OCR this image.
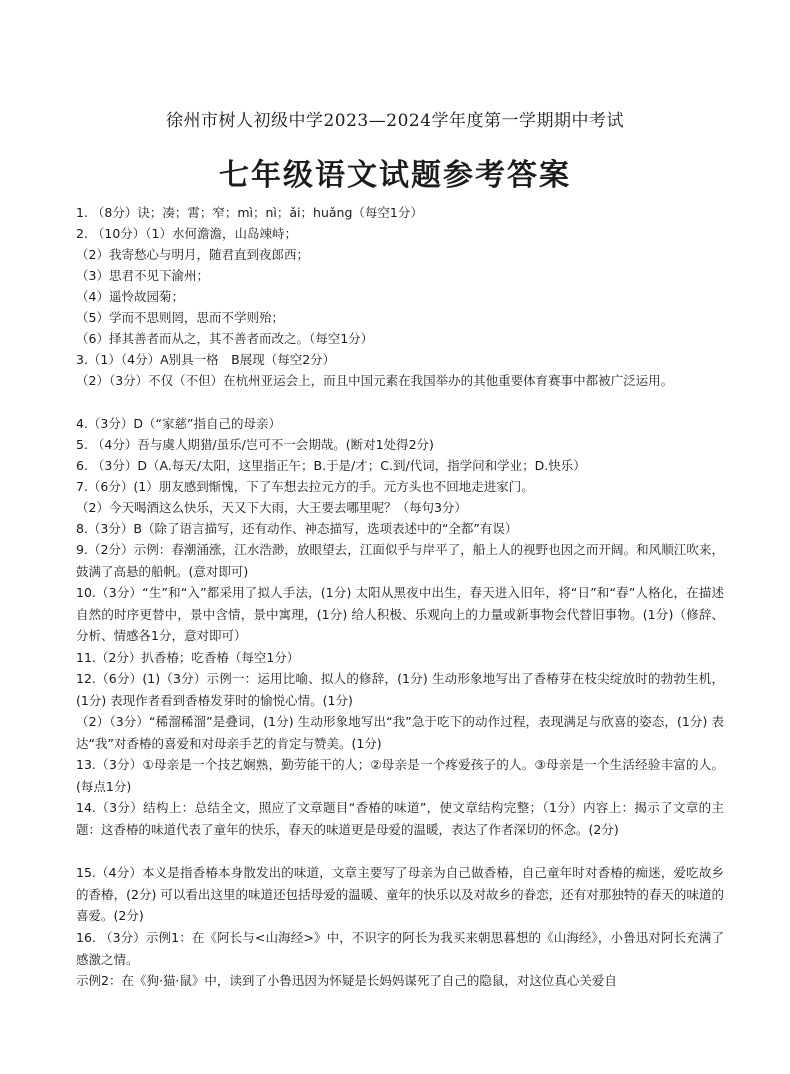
徐州市树人初级中学2023—2024学年度第一学期期中考试
七年级语文试题参考答案
1. （8分）诀；凑；霄；窄；mì；nì；ǎi；huǎng（每空1分）
2. （10分）（1）水何澹澹，山岛竦峙；
（2）我寄愁心与明月，随君直到夜郎西；
（3）思君不见下渝州；
（4）遥怜故园菊；
（5）学而不思则罔，思而不学则殆；
（6）择其善者而从之，其不善者而改之。（每空1分）
3.（1）（4分）A别具一格　B展现（每空2分）
（2）（3分）不仅（不但）在杭州亚运会上，而且中国元素在我国举办的其他重要体育赛事中都被广泛运用。
4.（3分）D（“家慈”指自己的母亲）
5. （4分）吾与虞人期猎/虽乐/岂可不一会期哉。(断对1处得2分)
6. （3分）D（A.每天/太阳，这里指正午；B.于是/才；C.到/代词，指学问和学业；D.快乐）
7.（6分）(1）朋友感到惭愧，下了车想去拉元方的手。元方头也不回地走进家门。
（2）今天喝酒这么快乐，天又下大雨，大王要去哪里呢？（每句3分）
8.（3分）B（除了语言描写，还有动作、神态描写，选项表述中的“全都”有误）
9.（2分）示例：春潮涌涨，江水浩渺，放眼望去，江面似乎与岸平了，船上人的视野也因之而开阔。和风顺江吹来，鼓满了高悬的船帆。(意对即可)
10.（3分）“生”和“入”都采用了拟人手法，(1分) 太阳从黑夜中出生，春天进入旧年，将“日”和“春”人格化，在描述自然的时序更替中，景中含情，景中寓理，(1分) 给人积极、乐观向上的力量或新事物会代替旧事物。(1分)（修辞、分析、情感各1分，意对即可）
11.（2分）扒香椿；吃香椿（每空1分）
12.（6分）(1)（3分）示例一：运用比喻、拟人的修辞，(1分) 生动形象地写出了香椿芽在枝尖绽放时的勃勃生机，(1分) 表现作者看到香椿发芽时的愉悦心情。(1分)
（2）（3分）“稀溜稀溜”是叠词，(1分) 生动形象地写出“我”急于吃下的动作过程，表现满足与欣喜的姿态，(1分) 表达“我”对香椿的喜爱和对母亲手艺的肯定与赞美。(1分)
13.（3分）①母亲是一个技艺娴熟，勤劳能干的人；②母亲是一个疼爱孩子的人。③母亲是一个生活经验丰富的人。(每点1分)
14.（3分）结构上：总结全文，照应了文章题目“香椿的味道”，使文章结构完整；（1分）内容上：揭示了文章的主题：这香椿的味道代表了童年的快乐，春天的味道更是母爱的温暖，表达了作者深切的怀念。(2分)
15.（4分）本义是指香椿本身散发出的味道，文章主要写了母亲为自己做香椿，自己童年时对香椿的痴迷，爱吃故乡的香椿，(2分) 可以看出这里的味道还包括母爱的温暖、童年的快乐以及对故乡的眷恋，还有对那独特的春天的味道的喜爱。(2分)
16. （3分）示例1：在《阿长与<山海经>》中，不识字的阿长为我买来朝思暮想的《山海经》，小鲁迅对阿长充满了感激之情。
示例2：在《狗·猫·鼠》中，读到了小鲁迅因为怀疑是长妈妈谋死了自己的隐鼠，对这位真心关爱自
